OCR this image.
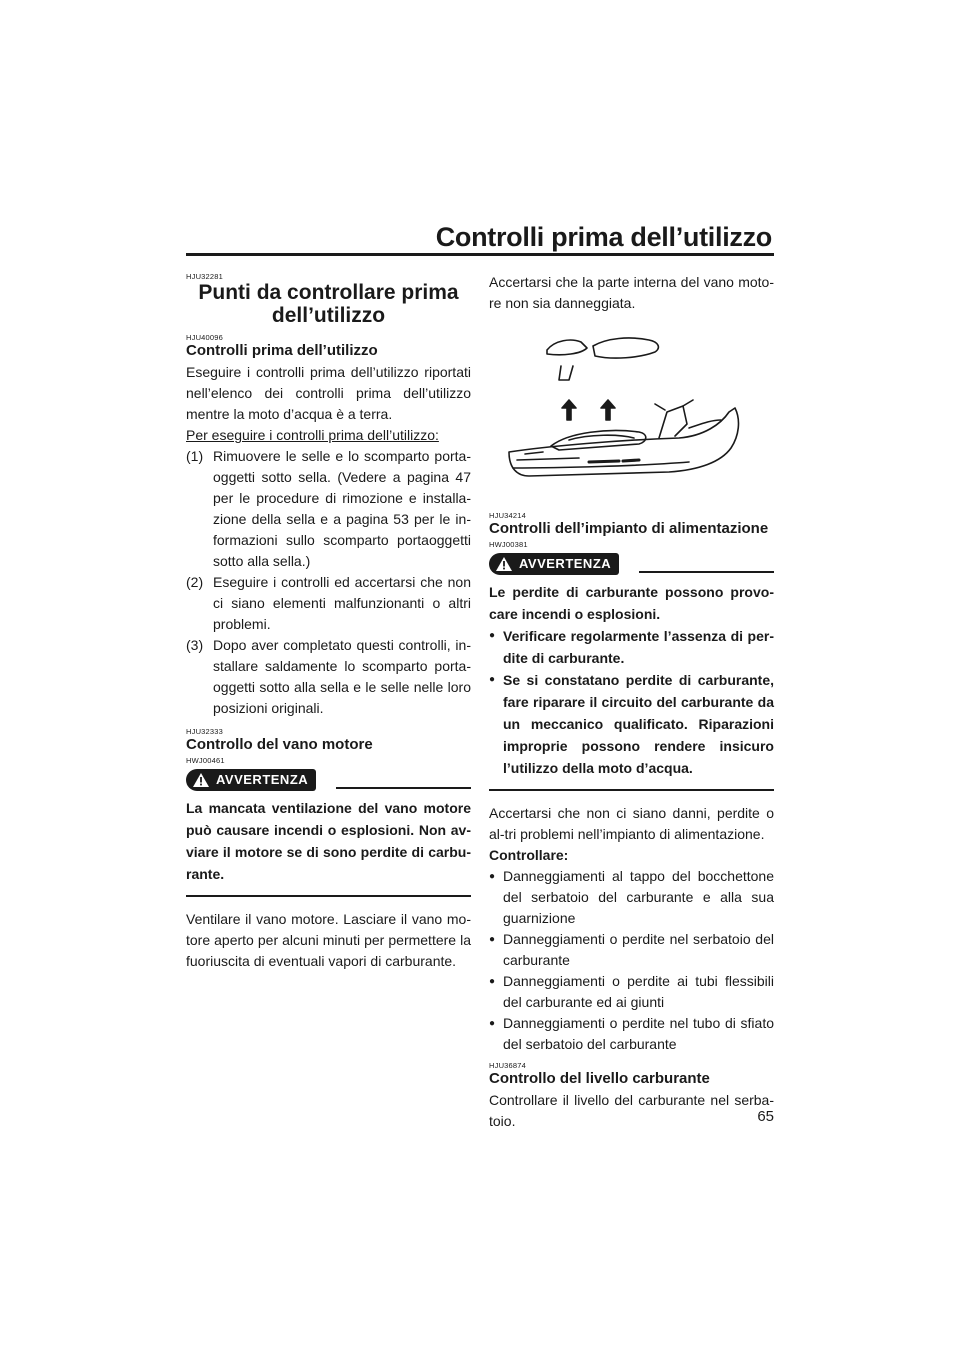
Controlli prima dell’utilizzo
HJU32281
Punti da controllare prima
dell’utilizzo
HJU40096
Controlli prima dell’utilizzo

Eseguire i controlli prima dell’utilizzo riportati nell’elenco dei controlli prima dell’utilizzo mentre la moto d’acqua è a terra.

Per eseguire i controlli prima dell’utilizzo:

(1) Rimuovere le selle e lo scomparto porta-oggetti sotto sella. (Vedere a pagina 47 per le procedure di rimozione e installa-zione della sella e a pagina 53 per le in-formazioni sullo scomparto portaoggetti sotto alla sella.)
(2) Eseguire i controlli ed accertarsi che non ci siano elementi malfunzionanti o altri problemi.
(3) Dopo aver completato questi controlli, in-stallare saldamente lo scomparto porta-oggetti sotto alla sella e le selle nelle loro posizioni originali.
HJU32333
Controllo del vano motore
HWJ00461
AVVERTENZA

La mancata ventilazione del vano motore può causare incendi o esplosioni. Non av-viare il motore se di sono perdite di carbu-rante.

Ventilare il vano motore. Lasciare il vano mo-tore aperto per alcuni minuti per permettere la fuoriuscita di eventuali vapori di carburante.

Accertarsi che la parte interna del vano moto-re non sia danneggiata.

HJU34214
Controlli dell’impianto di alimentazione
HWJ00381
AVVERTENZA

Le perdite di carburante possono provo-care incendi o esplosioni.

● Verificare regolarmente l’assenza di per-dite di carburante.
● Se si constatano perdite di carburante, fare riparare il circuito del carburante da un meccanico qualificato. Riparazioni improprie possono rendere insicuro l’utilizzo della moto d’acqua.

Accertarsi che non ci siano danni, perdite o al-tri problemi nell’impianto di alimentazione.

Controllare:

● Danneggiamenti al tappo del bocchettone del serbatoio del carburante e alla sua guarnizione
● Danneggiamenti o perdite nel serbatoio del carburante
● Danneggiamenti o perdite ai tubi flessibili del carburante ed ai giunti
● Danneggiamenti o perdite nel tubo di sfiato del serbatoio del carburante
HJU36874
Controllo del livello carburante

Controllare il livello del carburante nel serba-toio.	65
